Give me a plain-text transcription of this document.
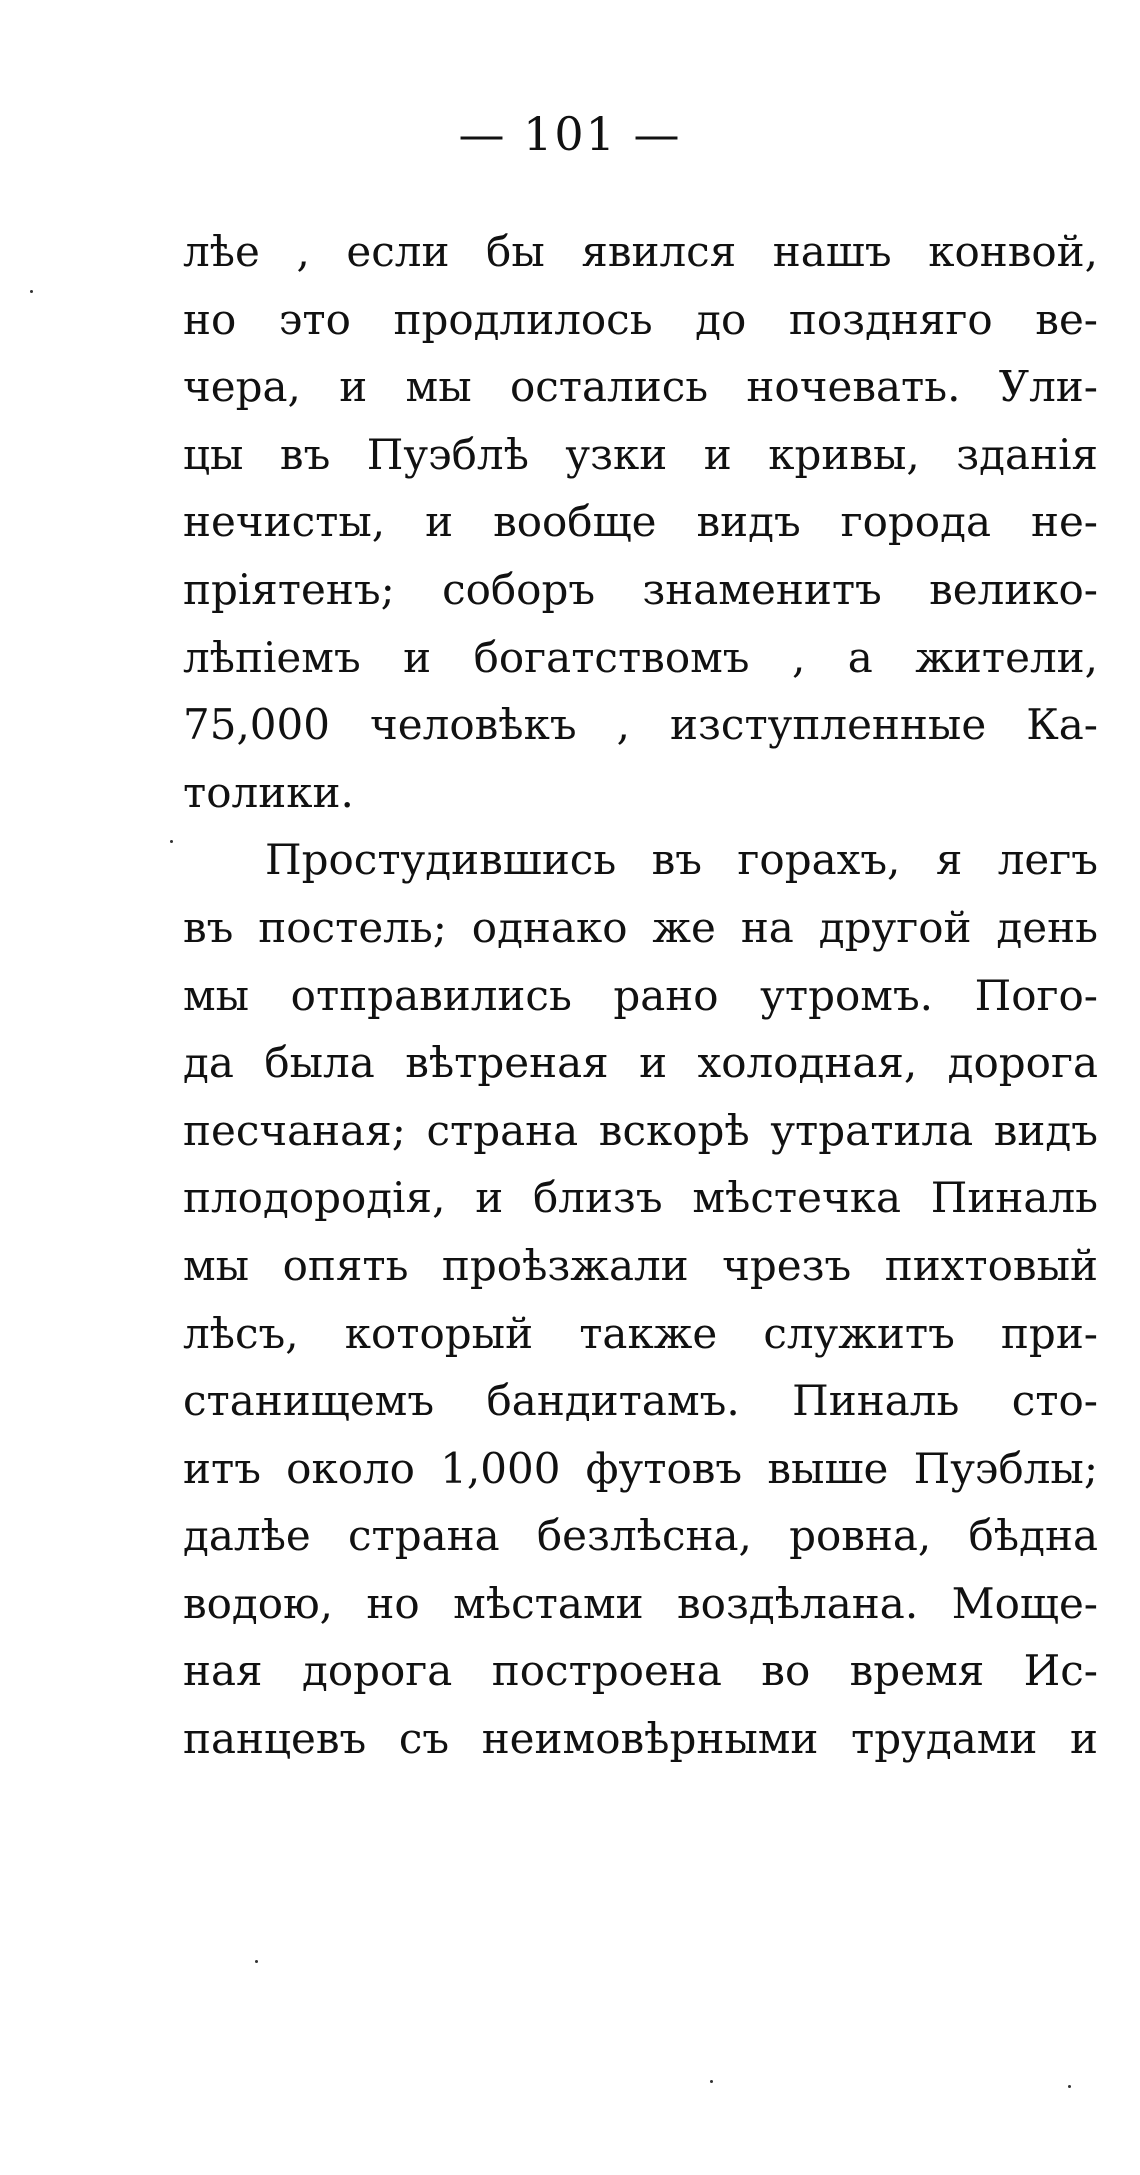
— 101 —
лѣе , если бы явился нашъ конвой,
но это продлилось до поздняго ве-
чера, и мы остались ночевать. Ули-
цы въ Пуэблѣ узки и кривы, зданія
нечисты, и вообще видъ города не-
пріятенъ; соборъ знаменитъ велико-
лѣпіемъ и богатствомъ , а жители,
75,000 человѣкъ , изступленные Ка-
толики.
Простудившись въ горахъ, я легъ
въ постель; однако же на другой день
мы отправились рано утромъ. Пого-
да была вѣтреная и холодная, дорога
песчаная; страна вскорѣ утратила видъ
плодородія, и близъ мѣстечка Пиналь
мы опять проѣзжали чрезъ пихтовый
лѣсъ, который также служитъ при-
станищемъ бандитамъ. Пиналь сто-
итъ около 1,000 футовъ выше Пуэблы;
далѣе страна безлѣсна, ровна, бѣдна
водою, но мѣстами воздѣлана. Моще-
ная дорога построена во время Ис-
панцевъ съ неимовѣрными трудами и
